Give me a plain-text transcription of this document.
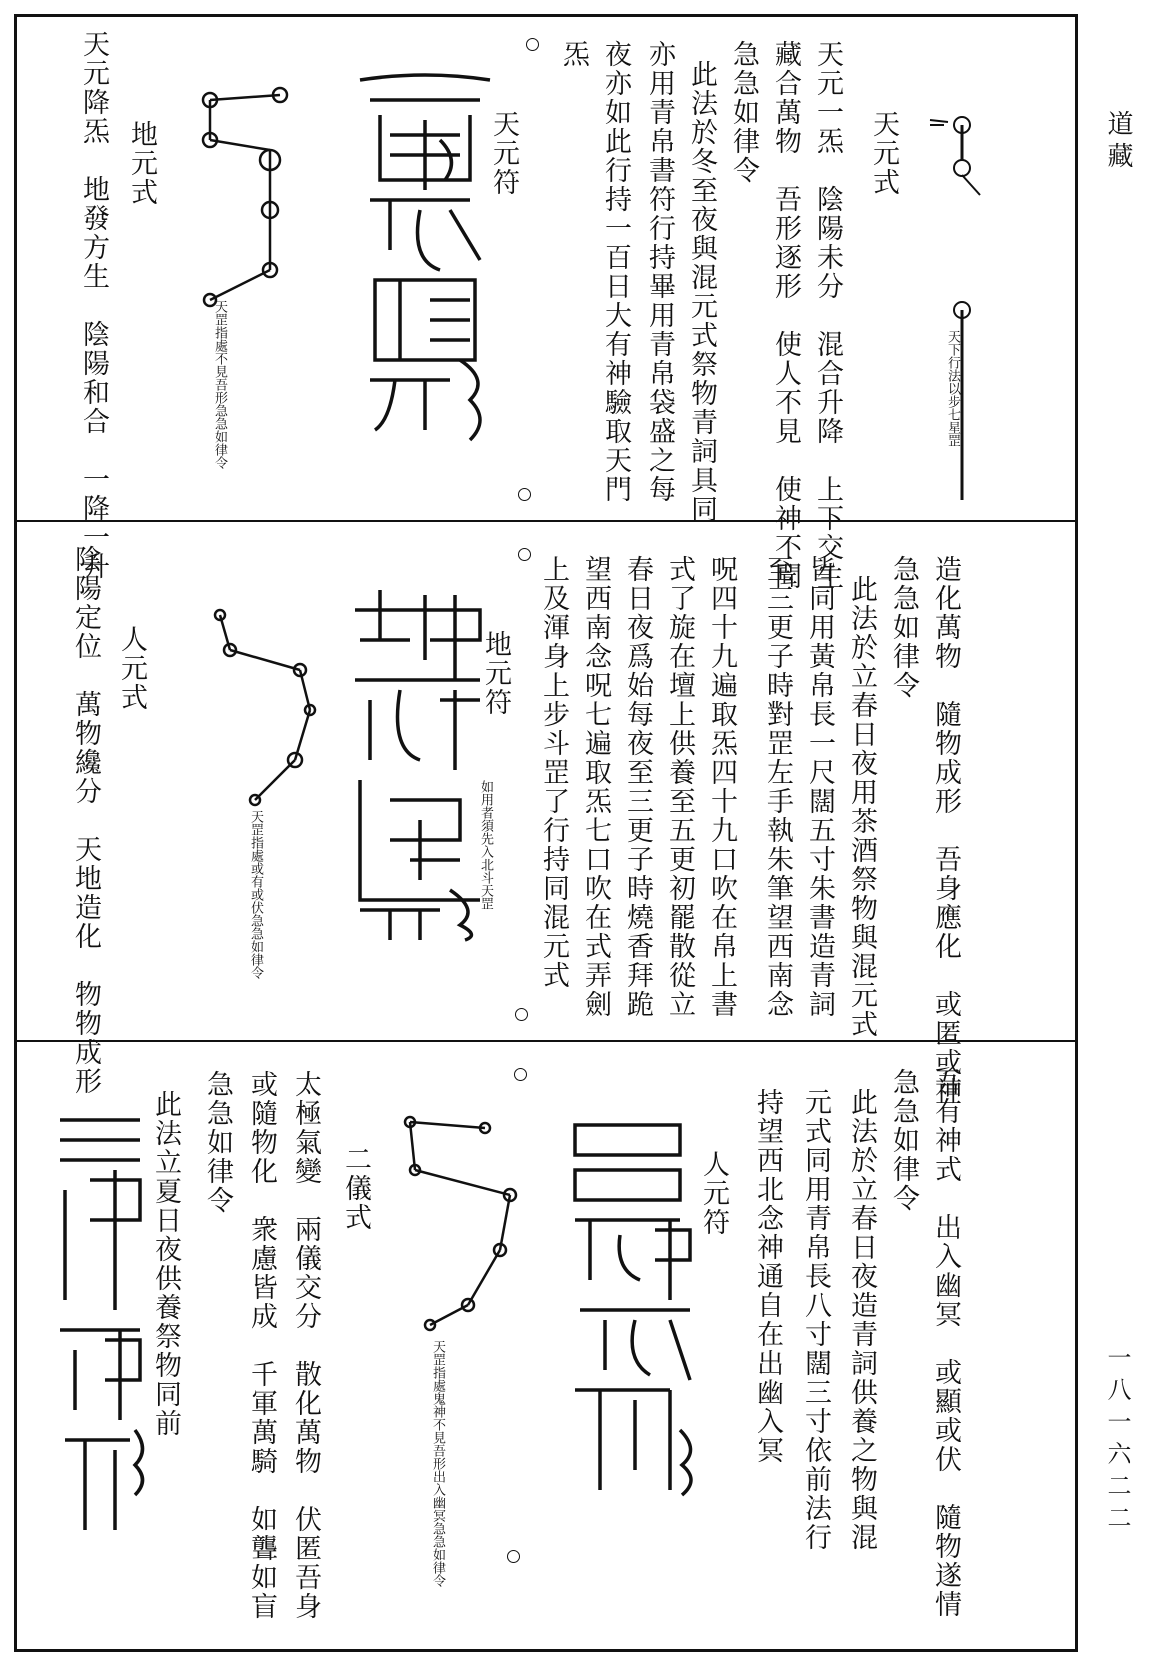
道藏
一八一六二二
天元式
天下行法以步七星罡
天元一炁　陰陽未分　混合升降　上下交生
藏合萬物　吾形逐形　使人不見　使神不聞
急急如律令
此法於冬至夜與混元式祭物青詞具同
亦用青帛書符行持畢用青帛袋盛之每
夜亦如此行持一百日大有神驗取天門
炁
天元符
地元式
天罡指處不見吾形急急如律令
天元降炁　地發方生　陰陽和合　一降一升
造化萬物　隨物成形　吾身應化　或匿或神
急急如律令
此法於立春日夜用茶酒祭物與混元式
皆同用黃帛長一尺闊五寸朱書造青詞
至三更子時對罡左手執朱筆望西南念
呪四十九遍取炁四十九口吹在帛上書
式了旋在壇上供養至五更初罷散從立
春日夜爲始每夜至三更子時燒香拜跪
望西南念呪七遍取炁七口吹在式弄劍
上及渾身上步斗罡了行持同混元式
地元符
如用者須先入北斗天罡
人元式
天罡指處或有或伏急急如律令
陰陽定位　萬物纔分　天地造化　物物成形
吾有神式　出入幽冥　或顯或伏　隨物遂情
急急如律令
此法於立春日夜造青詞供養之物與混
元式同用青帛長八寸闊三寸依前法行
持望西北念神通自在出幽入冥
人元符
天罡指處鬼神不見吾形出入幽冥急急如律令
二儀式
太極氣變　兩儀交分　散化萬物　伏匿吾身
或隨物化　衆慮皆成　千軍萬騎　如聾如盲
急急如律令
此法立夏日夜供養祭物同前
